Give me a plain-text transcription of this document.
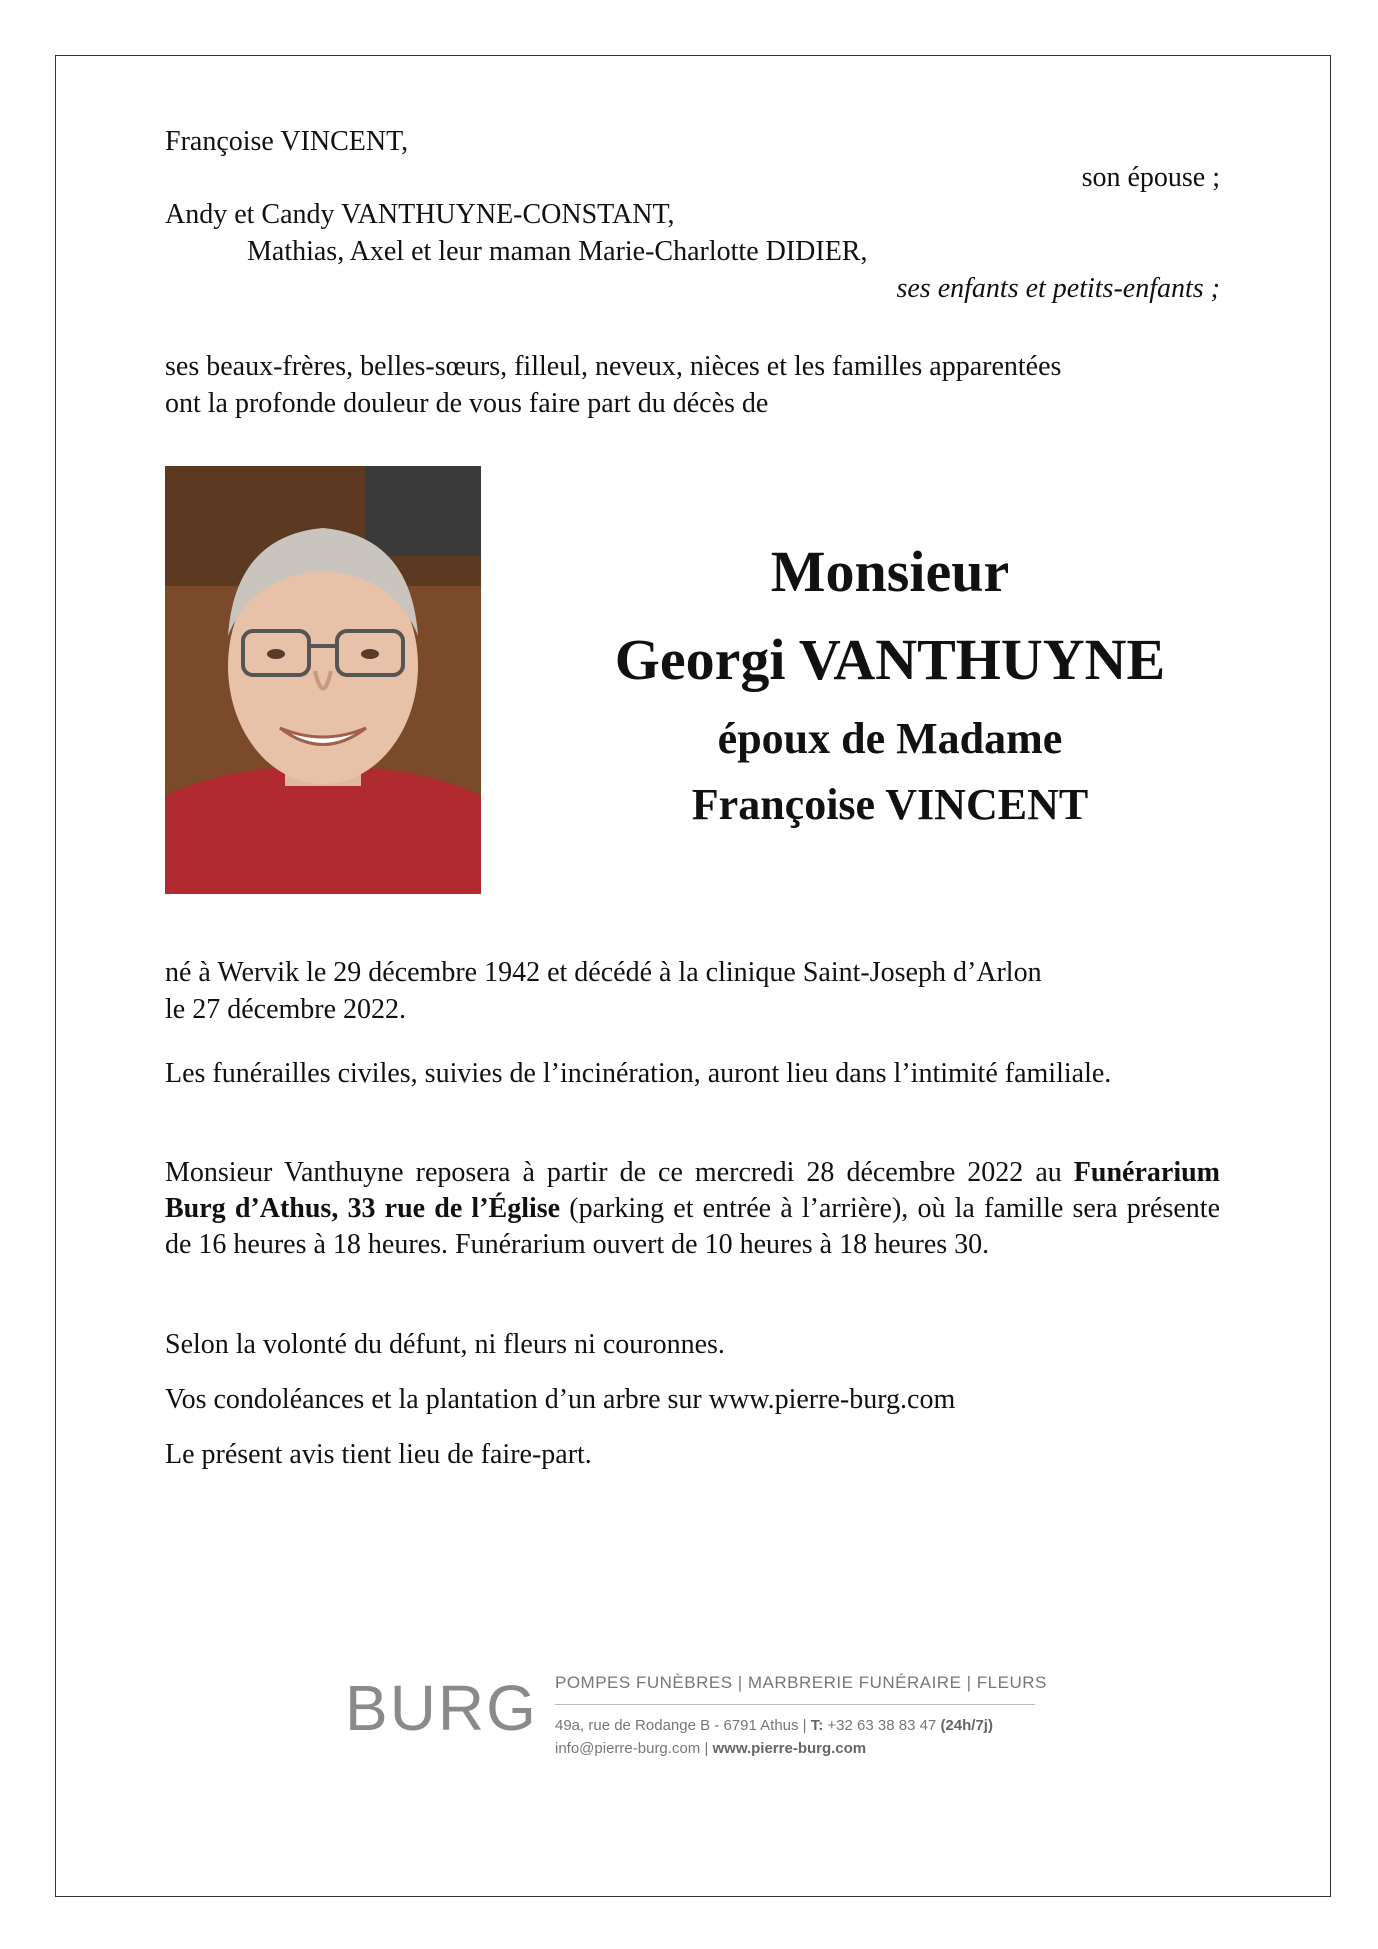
Françoise VINCENT,
son épouse ;
Andy et Candy VANTHUYNE-CONSTANT,
Mathias, Axel et leur maman Marie-Charlotte DIDIER,
ses enfants et petits-enfants ;
ses beaux-frères, belles-sœurs, filleul, neveux, nièces et les familles apparentées
ont la profonde douleur de vous faire part du décès de
Monsieur
Georgi VANTHUYNE
époux de Madame
Françoise VINCENT
né à Wervik le 29 décembre 1942 et décédé à la clinique Saint-Joseph d’Arlon
le 27 décembre 2022.
Les funérailles civiles, suivies de l’incinération, auront lieu dans l’intimité familiale.
Monsieur Vanthuyne reposera à partir de ce mercredi 28 décembre 2022 au Funérarium Burg d’Athus, 33 rue de l’Église (parking et entrée à l’arrière), où la famille sera présente de 16 heures à 18 heures. Funérarium ouvert de 10 heures à 18 heures 30.
Selon la volonté du défunt, ni fleurs ni couronnes.
Vos condoléances et la plantation d’un arbre sur www.pierre-burg.com
Le présent avis tient lieu de faire-part.
BURG POMPES FUNÈBRES | MARBRERIE FUNÉRAIRE | FLEURS
49a, rue de Rodange B - 6791 Athus | T: +32 63 38 83 47 (24h/7j)
info@pierre-burg.com | www.pierre-burg.com
